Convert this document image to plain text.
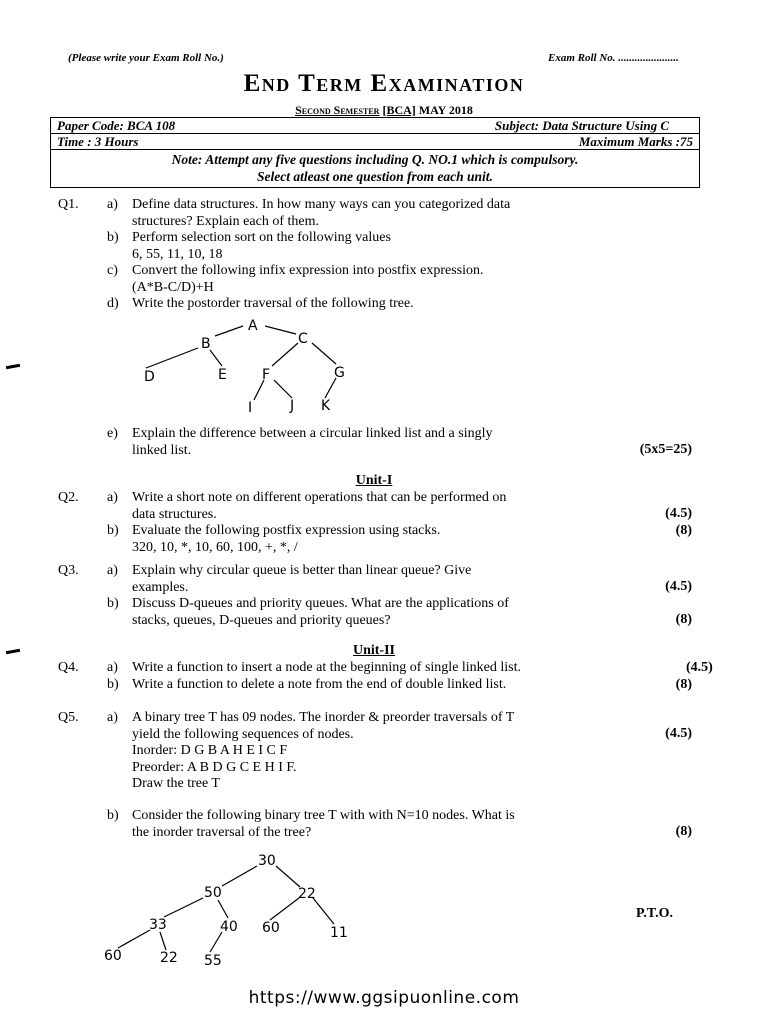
(Please write your Exam Roll No.)	Exam Roll No. ......................
End Term Examination
Second Semester [BCA] MAY 2018
Paper Code: BCA 108	Subject: Data Structure Using C
Time : 3 Hours	Maximum Marks :75
Note: Attempt any five questions including Q. NO.1 which is compulsory.
Select atleast one question from each unit.
Q1. a) Define data structures. In how many ways can you categorized data
structures? Explain each of them.
b) Perform selection sort on the following values
6, 55, 11, 10, 18
c) Convert the following infix expression into postfix expression.
(A*B-C/D)+H
d) Write the postorder traversal of the following tree.
A
B	C
D	E	F	G
I	J K
30
50	22
33	40 60	11
60	22 55
e) Explain the difference between a circular linked list and a singly
linked list.	(5x5=25)
Unit-I
Q2. a) Write a short note on different operations that can be performed on
data structures.	(4.5)
b) Evaluate the following postfix expression using stacks.
320, 10, *, 10, 60, 100, +, *, /
(8)
Q3. a) Explain why circular queue is better than linear queue? Give
examples.	(4.5)
b) Discuss D-queues and priority queues. What are the applications of
stacks, queues, D-queues and priority queues?	(8)
Unit-II
Q4. a) Write a function to insert a node at the beginning of single linked list.	(4.5)
b) Write a function to delete a note from the end of double linked list.	(8)
Q5. a) A binary tree T has 09 nodes. The inorder & preorder traversals of T
yield the following sequences of nodes.
Inorder: D G B A H E I C F
Preorder: A B D G C E H I F.
Draw the tree T
(4.5)
b) Consider the following binary tree T with with N=10 nodes. What is
the inorder traversal of the tree?	(8)
P.T.O.
https://www.ggsipuonline.com
